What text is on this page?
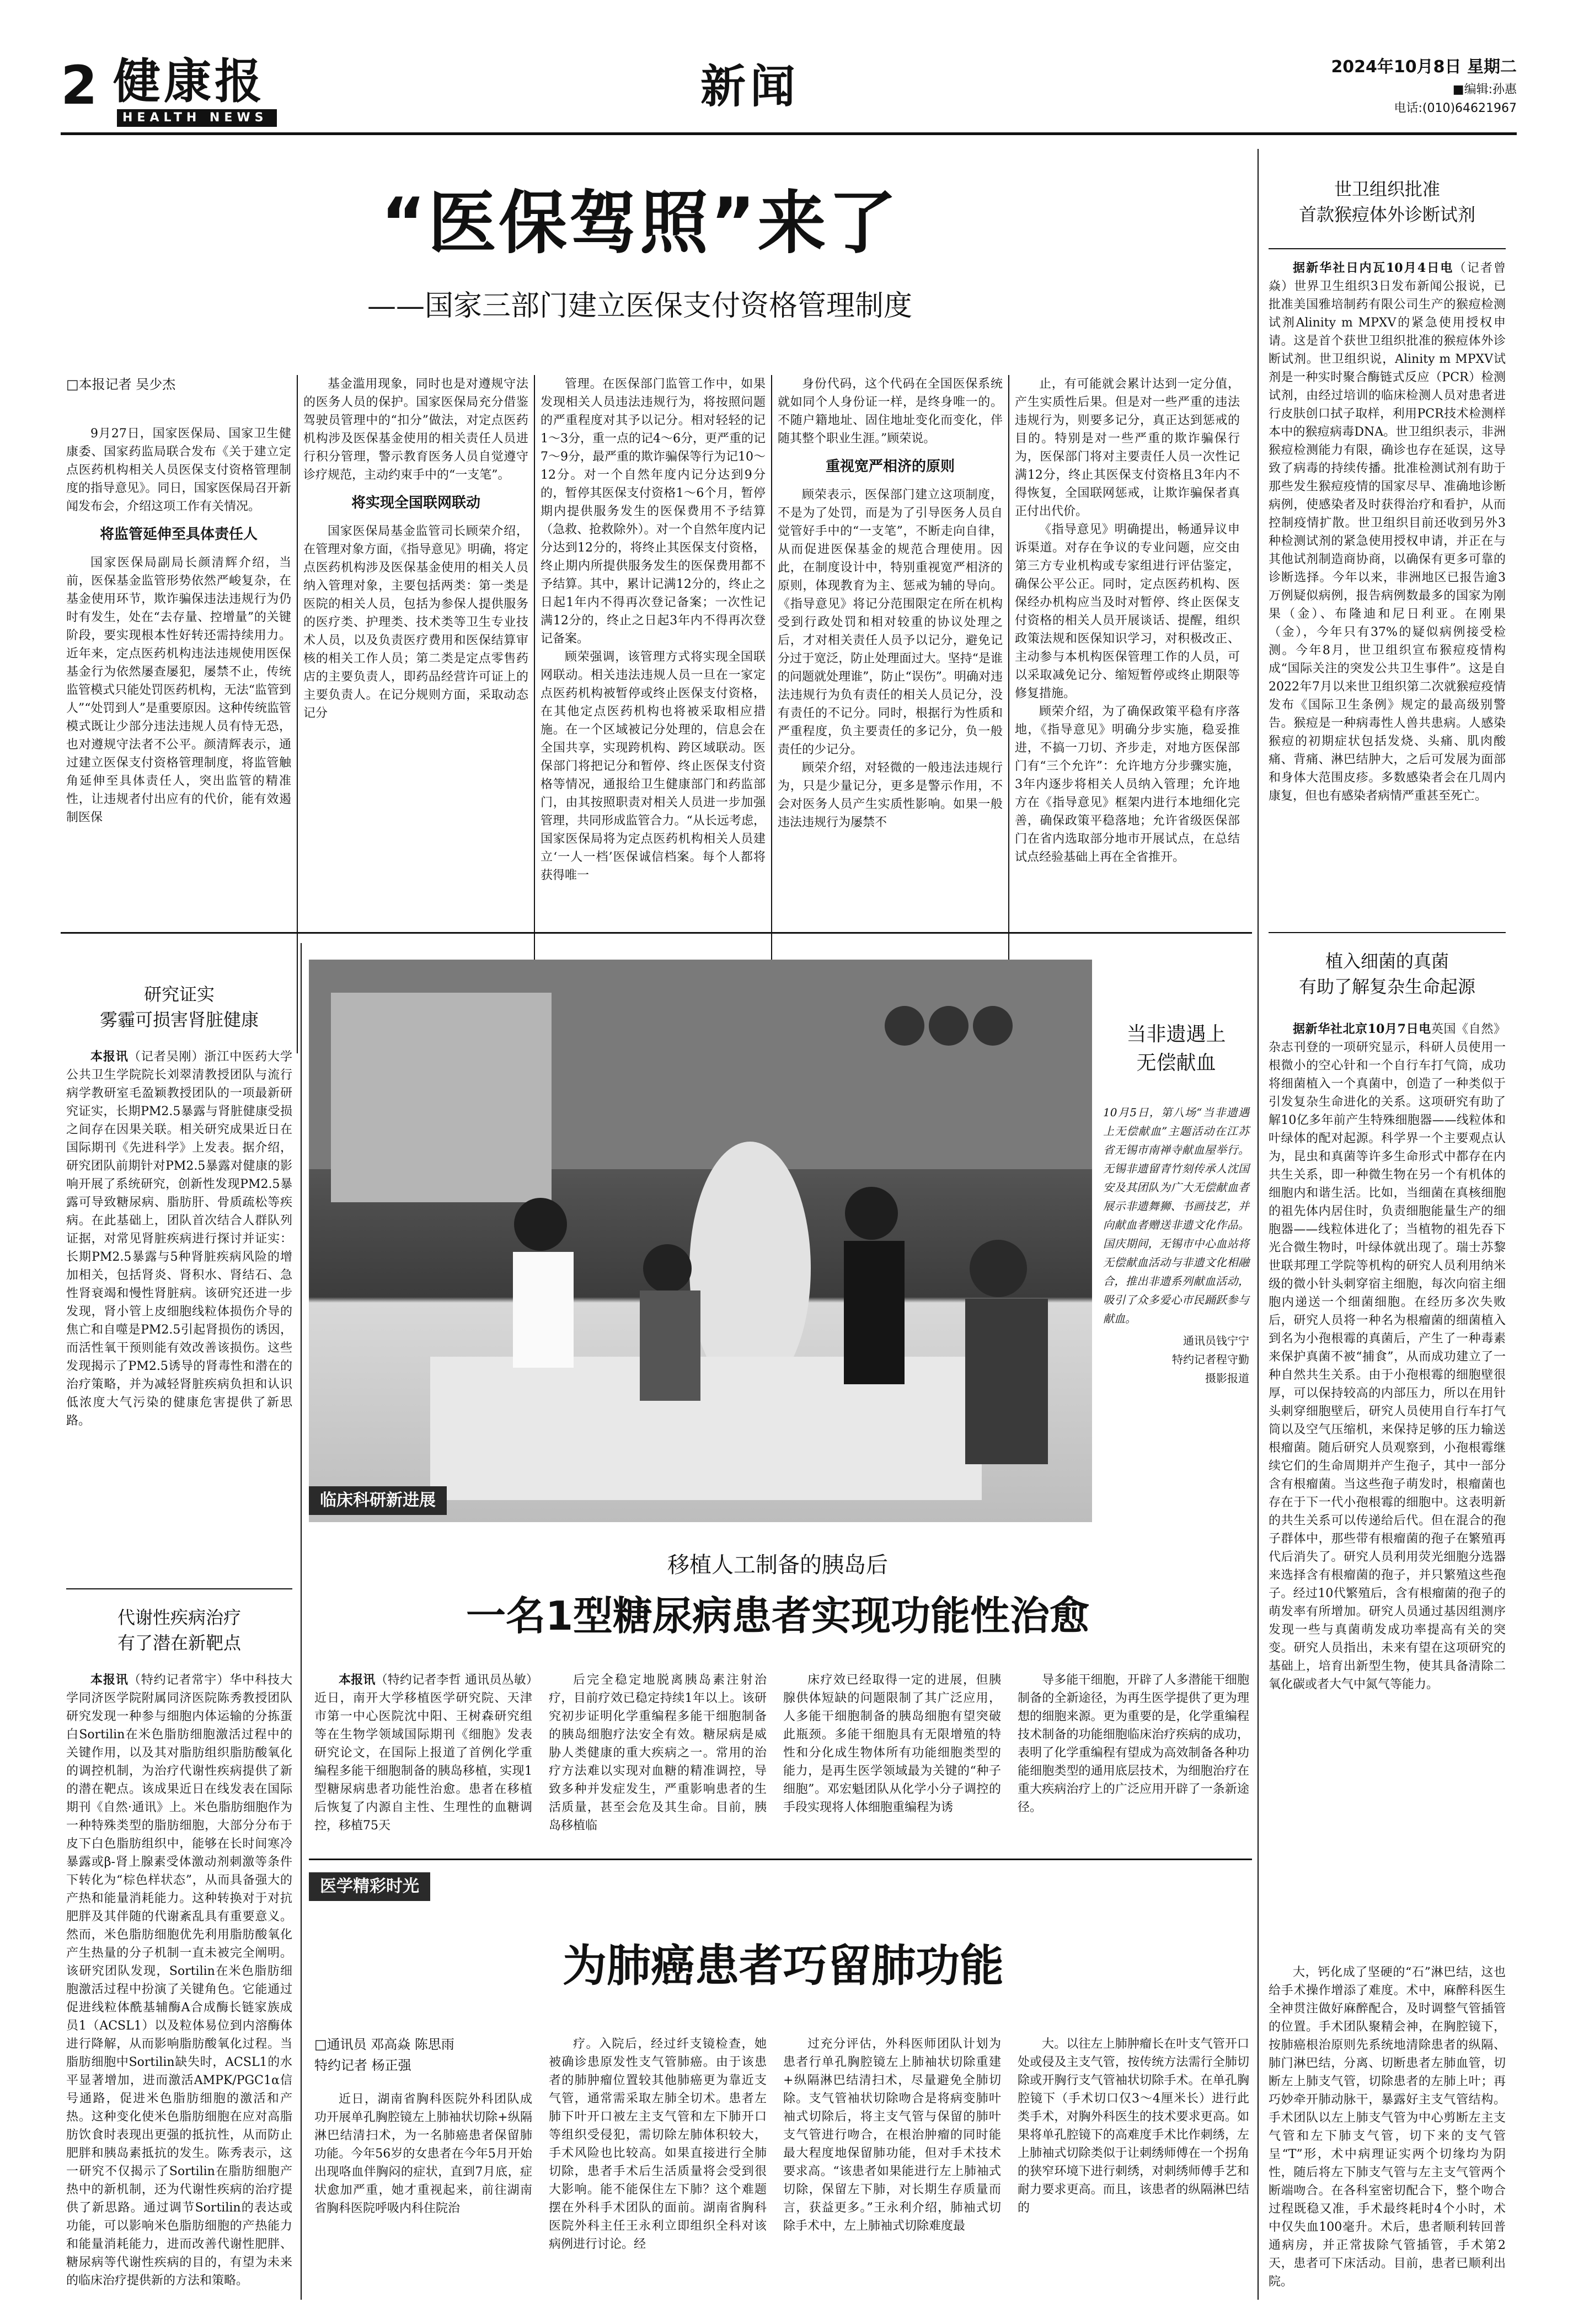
2 健康报
HEALTH NEWS
新闻	2024年10月8日 星期二
■编辑:孙惠
电话:(010)64621967
“医保驾照”来了
——国家三部门建立医保支付资格管理制度
□本报记者 吴少杰

9月27日，国家医保局、国家卫生健康委、国家药监局联合发布《关于建立定点医药机构相关人员医保支付资格管理制度的指导意见》。同日，国家医保局召开新闻发布会，介绍这项工作有关情况。

将监管延伸至具体责任人

国家医保局副局长颜清辉介绍，当前，医保基金监管形势依然严峻复杂，在基金使用环节，欺诈骗保违法违规行为仍时有发生，处在“去存量、控增量”的关键阶段，要实现根本性好转还需持续用力。近年来，定点医药机构违法违规使用医保基金行为依然屡查屡犯，屡禁不止，传统监管模式只能处罚医药机构，无法“监管到人”“处罚到人”是重要原因。这种传统监管模式既让少部分违法违规人员有恃无恐，也对遵规守法者不公平。颜清辉表示，通过建立医保支付资格管理制度，将监管触角延伸至具体责任人，突出监管的精准性，让违规者付出应有的代价，能有效遏制医保

基金滥用现象，同时也是对遵规守法的医务人员的保护。国家医保局充分借鉴驾驶员管理中的“扣分”做法，对定点医药机构涉及医保基金使用的相关责任人员进行积分管理，警示教育医务人员自觉遵守诊疗规范，主动约束手中的“一支笔”。

将实现全国联网联动

国家医保局基金监管司长顾荣介绍，在管理对象方面，《指导意见》明确，将定点医药机构涉及医保基金使用的相关人员纳入管理对象，主要包括两类：第一类是医院的相关人员，包括为参保人提供服务的医疗类、护理类、技术类等卫生专业技术人员，以及负责医疗费用和医保结算审核的相关工作人员；第二类是定点零售药店的主要负责人，即药品经营许可证上的主要负责人。在记分规则方面，采取动态记分

管理。在医保部门监管工作中，如果发现相关人员违法违规行为，将按照问题的严重程度对其予以记分。相对轻轻的记1～3分，重一点的记4～6分，更严重的记7～9分，最严重的欺诈骗保等行为记10～12分。对一个自然年度内记分达到9分的，暂停其医保支付资格1～6个月，暂停期内提供服务发生的医保费用不予结算（急救、抢救除外）。对一个自然年度内记分达到12分的，将终止其医保支付资格，终止期内所提供服务发生的医保费用都不予结算。其中，累计记满12分的，终止之日起1年内不得再次登记备案；一次性记满12分的，终止之日起3年内不得再次登记备案。

顾荣强调，该管理方式将实现全国联网联动。相关违法违规人员一旦在一家定点医药机构被暂停或终止医保支付资格，在其他定点医药机构也将被采取相应措施。在一个区域被记分处理的，信息会在全国共享，实现跨机构、跨区域联动。医保部门将把记分和暂停、终止医保支付资格等情况，通报给卫生健康部门和药监部门，由其按照职责对相关人员进一步加强管理，共同形成监管合力。“从长远考虑，国家医保局将为定点医药机构相关人员建立‘一人一档’医保诚信档案。每个人都将获得唯一

身份代码，这个代码在全国医保系统就如同个人身份证一样，是终身唯一的。不随户籍地址、固住地址变化而变化，伴随其整个职业生涯。”顾荣说。

重视宽严相济的原则

顾荣表示，医保部门建立这项制度，不是为了处罚，而是为了引导医务人员自觉管好手中的“一支笔”，不断走向自律，从而促进医保基金的规范合理使用。因此，在制度设计中，特别重视宽严相济的原则，体现教育为主、惩戒为辅的导向。《指导意见》将记分范围限定在所在机构受到行政处罚和相对较重的协议处理之后，才对相关责任人员予以记分，避免记分过于宽泛，防止处理面过大。坚持“是谁的问题就处理谁”，防止“误伤”。明确对违法违规行为负有责任的相关人员记分，没有责任的不记分。同时，根据行为性质和严重程度，负主要责任的多记分，负一般责任的少记分。

顾荣介绍，对轻微的一般违法违规行为，只是少量记分，更多是警示作用，不会对医务人员产生实质性影响。如果一般违法违规行为屡禁不

止，有可能就会累计达到一定分值，产生实质性后果。但是对一些严重的违法违规行为，则要多记分，真正达到惩戒的目的。特别是对一些严重的欺诈骗保行为，医保部门将对主要责任人员一次性记满12分，终止其医保支付资格且3年内不得恢复，全国联网惩戒，让欺诈骗保者真正付出代价。

《指导意见》明确提出，畅通异议申诉渠道。对存在争议的专业问题，应交由第三方专业机构或专家组进行评估鉴定，确保公平公正。同时，定点医药机构、医保经办机构应当及时对暂停、终止医保支付资格的相关人员开展谈话、提醒，组织政策法规和医保知识学习，对积极改正、主动参与本机构医保管理工作的人员，可以采取减免记分、缩短暂停或终止期限等修复措施。

顾荣介绍，为了确保政策平稳有序落地，《指导意见》明确分步实施，稳妥推进，不搞一刀切、齐步走，对地方医保部门有“三个允许”：允许地方分步骤实施，3年内逐步将相关人员纳入管理；允许地方在《指导意见》框架内进行本地细化完善，确保政策平稳落地；允许省级医保部门在省内选取部分地市开展试点，在总结试点经验基础上再在全省推开。

世卫组织批准
首款猴痘体外诊断试剂

据新华社日内瓦10月4日电（记者曾焱）世界卫生组织3日发布新闻公报说，已批准美国雅培制药有限公司生产的猴痘检测试剂Alinity m MPXV的紧急使用授权申请。这是首个获世卫组织批准的猴痘体外诊断试剂。世卫组织说，Alinity m MPXV试剂是一种实时聚合酶链式反应（PCR）检测试剂，由经过培训的临床检测人员对患者进行皮肤创口拭子取样，利用PCR技术检测样本中的猴痘病毒DNA。世卫组织表示，非洲猴痘检测能力有限，确诊也存在延误，这导致了病毒的持续传播。批准检测试剂有助于那些发生猴痘疫情的国家尽早、准确地诊断病例，使感染者及时获得治疗和看护，从而控制疫情扩散。世卫组织目前还收到另外3种检测试剂的紧急使用授权申请，并正在与其他试剂制造商协商，以确保有更多可靠的诊断选择。今年以来，非洲地区已报告逾3万例疑似病例，报告病例数最多的国家为刚果（金）、布隆迪和尼日利亚。在刚果（金），今年只有37%的疑似病例接受检测。今年8月，世卫组织宣布猴痘疫情构成“国际关注的突发公共卫生事件”。这是自2022年7月以来世卫组织第二次就猴痘疫情发布《国际卫生条例》规定的最高级别警告。猴痘是一种病毒性人兽共患病。人感染猴痘的初期症状包括发烧、头痛、肌肉酸痛、背痛、淋巴结肿大，之后可发展为面部和身体大范围皮疹。多数感染者会在几周内康复，但也有感染者病情严重甚至死亡。

植入细菌的真菌
有助了解复杂生命起源

据新华社北京10月7日电英国《自然》杂志刊登的一项研究显示，科研人员使用一根微小的空心针和一个自行车打气筒，成功将细菌植入一个真菌中，创造了一种类似于引发复杂生命进化的关系。这项研究有助了解10亿多年前产生特殊细胞器——线粒体和叶绿体的配对起源。科学界一个主要观点认为，昆虫和真菌等许多生命形式中都存在内共生关系，即一种微生物在另一个有机体的细胞内和谐生活。比如，当细菌在真核细胞的祖先体内居住时，负责细胞能量生产的细胞器——线粒体进化了；当植物的祖先吞下光合微生物时，叶绿体就出现了。瑞士苏黎世联邦理工学院等机构的研究人员利用纳米级的微小针头刺穿宿主细胞，每次向宿主细胞内递送一个细菌细胞。在经历多次失败后，研究人员将一种名为根瘤菌的细菌植入到名为小孢根霉的真菌后，产生了一种毒素来保护真菌不被“捕食”，从而成功建立了一种自然共生关系。由于小孢根霉的细胞壁很厚，可以保持较高的内部压力，所以在用针头刺穿细胞壁后，研究人员使用自行车打气筒以及空气压缩机，来保持足够的压力输送根瘤菌。随后研究人员观察到，小孢根霉继续它们的生命周期并产生孢子，其中一部分含有根瘤菌。当这些孢子萌发时，根瘤菌也存在于下一代小孢根霉的细胞中。这表明新的共生关系可以传递给后代。但在混合的孢子群体中，那些带有根瘤菌的孢子在繁殖再代后消失了。研究人员利用荧光细胞分选器来选择含有根瘤菌的孢子，并只繁殖这些孢子。经过10代繁殖后，含有根瘤菌的孢子的萌发率有所增加。研究人员通过基因组测序发现一些与真菌萌发成功率提高有关的突变。研究人员指出，未来有望在这项研究的基础上，培育出新型生物，使其具备清除二氧化碳或者大气中氮气等能力。

研究证实
雾霾可损害肾脏健康

本报讯（记者吴刚）浙江中医药大学公共卫生学院院长刘翠清教授团队与流行病学教研室毛盈颖教授团队的一项最新研究证实，长期PM2.5暴露与肾脏健康受损之间存在因果关联。相关研究成果近日在国际期刊《先进科学》上发表。据介绍，研究团队前期针对PM2.5暴露对健康的影响开展了系统研究，创新性发现PM2.5暴露可导致糖尿病、脂肪肝、骨质疏松等疾病。在此基础上，团队首次结合人群队列证据，对常见肾脏疾病进行探讨并证实：长期PM2.5暴露与5种肾脏疾病风险的增加相关，包括肾炎、肾积水、肾结石、急性肾衰竭和慢性肾脏病。该研究还进一步发现，肾小管上皮细胞线粒体损伤介导的焦亡和自噬是PM2.5引起肾损伤的诱因，而活性氧干预则能有效改善该损伤。这些发现揭示了PM2.5诱导的肾毒性和潜在的治疗策略，并为减轻肾脏疾病负担和认识低浓度大气污染的健康危害提供了新思路。

代谢性疾病治疗
有了潜在新靶点

本报讯（特约记者常宇）华中科技大学同济医学院附属同济医院陈秀教授团队研究发现一种参与细胞内体运输的分拣蛋白Sortilin在米色脂肪细胞激活过程中的关键作用，以及其对脂肪组织脂肪酸氧化的调控机制，为治疗代谢性疾病提供了新的潜在靶点。该成果近日在线发表在国际期刊《自然·通讯》上。米色脂肪细胞作为一种特殊类型的脂肪细胞，大部分分布于皮下白色脂肪组织中，能够在长时间寒冷暴露或β-肾上腺素受体激动剂刺激等条件下转化为“棕色样状态”，从而具备强大的产热和能量消耗能力。这种转换对于对抗肥胖及其伴随的代谢紊乱具有重要意义。然而，米色脂肪细胞优先利用脂肪酸氧化产生热量的分子机制一直未被完全阐明。该研究团队发现，Sortilin在米色脂肪细胞激活过程中扮演了关键角色。它能通过促进线粒体酰基辅酶A合成酶长链家族成员1（ACSL1）以及粒体易位到内溶酶体进行降解，从而影响脂肪酸氧化过程。当脂肪细胞中Sortilin缺失时，ACSL1的水平显著增加，进而激活AMPK/PGC1α信号通路，促进米色脂肪细胞的激活和产热。这种变化使米色脂肪细胞在应对高脂肪饮食时表现出更强的抵抗性，从而防止肥胖和胰岛素抵抗的发生。陈秀表示，这一研究不仅揭示了Sortilin在脂肪细胞产热中的新机制，还为代谢性疾病的治疗提供了新思路。通过调节Sortilin的表达或功能，可以影响米色脂肪细胞的产热能力和能量消耗能力，进而改善代谢性肥胖、糖尿病等代谢性疾病的目的，有望为未来的临床治疗提供新的方法和策略。

当非遗遇上
无偿献血
10月5日，第八场“当非遗遇上无偿献血”主题活动在江苏省无锡市南禅寺献血屋举行。无锡非遗留青竹刻传承人沈国安及其团队为广大无偿献血者展示非遗舞狮、书画技艺，并向献血者赠送非遗文化作品。国庆期间，无锡市中心血站将无偿献血活动与非遗文化相融合，推出非遗系列献血活动，吸引了众多爱心市民踊跃参与献血。
通讯员钱宁宁
特约记者程守勤
摄影报道
临床科研新进展
移植人工制备的胰岛后
一名1型糖尿病患者实现功能性治愈

本报讯（特约记者李哲 通讯员丛敏）近日，南开大学移植医学研究院、天津市第一中心医院沈中阳、王树森研究组等在生物学领域国际期刊《细胞》发表研究论文，在国际上报道了首例化学重编程多能干细胞制备的胰岛移植，实现1型糖尿病患者功能性治愈。患者在移植后恢复了内源自主性、生理性的血糖调控，移植75天

后完全稳定地脱离胰岛素注射治疗，目前疗效已稳定持续1年以上。该研究初步证明化学重编程多能干细胞制备的胰岛细胞疗法安全有效。糖尿病是威胁人类健康的重大疾病之一。常用的治疗方法难以实现对血糖的精准调控，导致多种并发症发生，严重影响患者的生活质量，甚至会危及其生命。目前，胰岛移植临

床疗效已经取得一定的进展，但胰腺供体短缺的问题限制了其广泛应用，人多能干细胞制备的胰岛细胞有望突破此瓶颈。多能干细胞具有无限增殖的特性和分化成生物体所有功能细胞类型的能力，是再生医学领域最为关键的“种子细胞”。邓宏魁团队从化学小分子调控的手段实现将人体细胞重编程为诱

导多能干细胞，开辟了人多潜能干细胞制备的全新途径，为再生医学提供了更为理想的细胞来源。更为重要的是，化学重编程技术制备的功能细胞临床治疗疾病的成功，表明了化学重编程有望成为高效制备各种功能细胞类型的通用底层技术，为细胞治疗在重大疾病治疗上的广泛应用开辟了一条新途径。

医学精彩时光
为肺癌患者巧留肺功能
□通讯员 邓高焱 陈思雨
特约记者 杨正强

近日，湖南省胸科医院外科团队成功开展单孔胸腔镜左上肺袖状切除+纵隔淋巴结清扫术，为一名肺癌患者保留肺功能。今年56岁的女患者在今年5月开始出现咯血伴胸闷的症状，直到7月底，症状愈加严重，她才重视起来，前往湖南省胸科医院呼吸内科住院治

疗。入院后，经过纤支镜检查，她被确诊患原发性支气管肺癌。由于该患者的肺肿瘤位置较其他肺癌更为靠近支气管，通常需采取左肺全切术。患者左肺下叶开口被左主支气管和左下肺开口等组织受侵犯，需切除左肺体积较大，手术风险也比较高。如果直接进行全肺切除，患者手术后生活质量将会受到很大影响。能不能保住左下肺？这个难题摆在外科手术团队的面前。湖南省胸科医院外科主任王永利立即组织全科对该病例进行讨论。经

过充分评估，外科医师团队计划为患者行单孔胸腔镜左上肺袖状切除重建+纵隔淋巴结清扫术，尽量避免全肺切除。支气管袖状切除吻合是将病变肺叶袖式切除后，将主支气管与保留的肺叶支气管进行吻合，在根治肿瘤的同时能最大程度地保留肺功能，但对手术技术要求高。“该患者如果能进行左上肺袖式切除，保留左下肺，对长期生存质量而言，获益更多。”王永利介绍，肺袖式切除手术中，左上肺袖式切除难度最

大。以往左上肺肿瘤长在叶支气管开口处或侵及主支气管，按传统方法需行全肺切除或开胸行支气管袖状切除手术。在单孔胸腔镜下（手术切口仅3～4厘米长）进行此类手术，对胸外科医生的技术要求更高。如果将单孔腔镜下的高难度手术比作刺绣，左上肺袖式切除类似于让刺绣师傅在一个拐角的狭窄环境下进行刺绣，对刺绣师傅手艺和耐力要求更高。而且，该患者的纵隔淋巴结的

大，钙化成了坚硬的“石”淋巴结，这也给手术操作增添了难度。术中，麻醉科医生全神贯注做好麻醉配合，及时调整气管插管的位置。手术团队聚精会神，在胸腔镜下，按肺癌根治原则先系统地清除患者的纵隔、肺门淋巴结，分离、切断患者左肺血管，切断左上肺支气管，切除患者的左肺上叶；再巧妙牵开肺动脉干，暴露好主支气管结构。手术团队以左上肺支气管为中心剪断左主支气管和左下肺支气管，切下来的支气管呈“T”形，术中病理证实两个切缘均为阴性，随后将左下肺支气管与左主支气管两个断端吻合。在各科室密切配合下，整个吻合过程既稳又准，手术最终耗时4个小时，术中仅失血100毫升。术后，患者顺利转回普通病房，并正常拔除气管插管，手术第2天，患者可下床活动。目前，患者已顺利出院。
